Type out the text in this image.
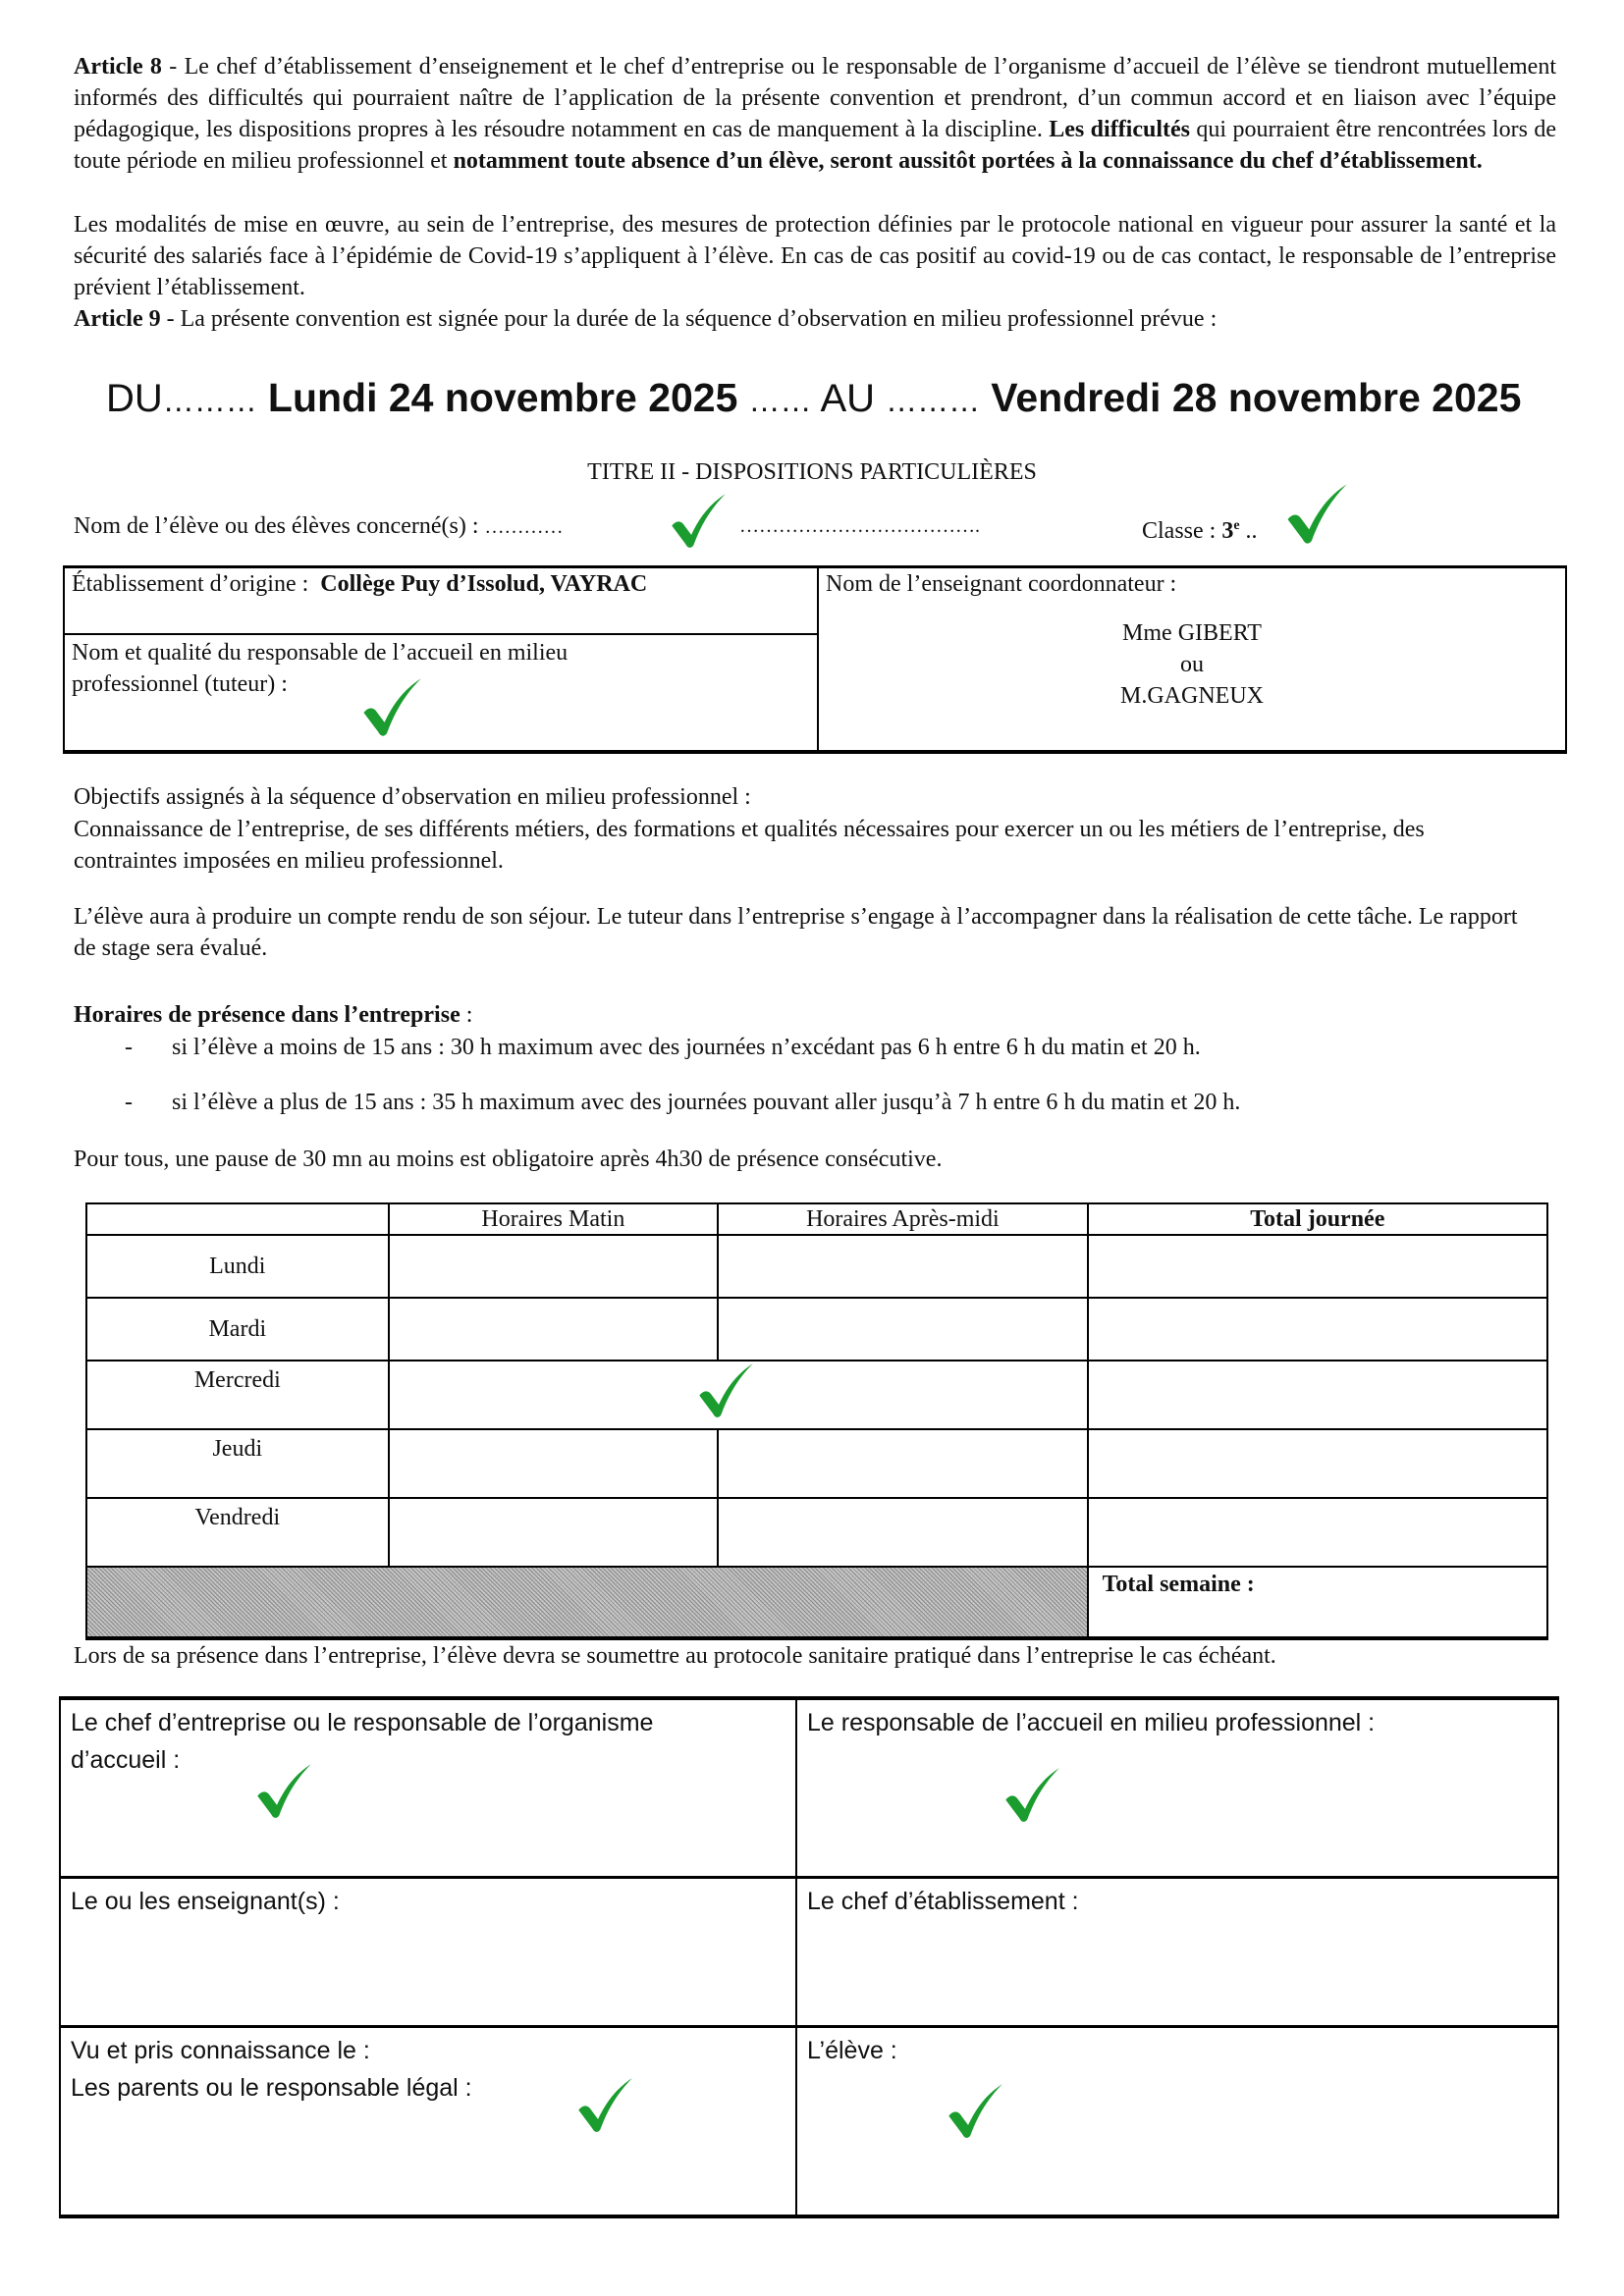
Article 8 - Le chef d’établissement d’enseignement et le chef d’entreprise ou le responsable de l’organisme d’accueil de l’élève se tiendront mutuellement informés des difficultés qui pourraient naître de l’application de la présente convention et prendront, d’un commun accord et en liaison avec l’équipe pédagogique, les dispositions propres à les résoudre notamment en cas de manquement à la discipline. Les difficultés qui pourraient être rencontrées lors de toute période en milieu professionnel et notamment toute absence d’un élève, seront aussitôt portées à la connaissance du chef d’établissement.
Les modalités de mise en œuvre, au sein de l’entreprise, des mesures de protection définies par le protocole national en vigueur pour assurer la santé et la sécurité des salariés face à l’épidémie de Covid-19 s’appliquent à l’élève. En cas de cas positif au covid-19 ou de cas contact, le responsable de l’entreprise prévient l’établissement.
Article 9 - La présente convention est signée pour la durée de la séquence d’observation en milieu professionnel prévue :
DU……… Lundi 24 novembre 2025 …… AU ……… Vendredi 28 novembre 2025
TITRE II - DISPOSITIONS PARTICULIÈRES
Nom de l’élève ou des élèves concerné(s) : …………	……………………………….	Classe : 3e ..
Établissement d’origine : Collège Puy d’Issolud, VAYRAC
Nom et qualité du responsable de l’accueil en milieu
professionnel (tuteur) :
Nom de l’enseignant coordonnateur :
Mme GIBERT
ou
M.GAGNEUX
Objectifs assignés à la séquence d’observation en milieu professionnel :
Connaissance de l’entreprise, de ses différents métiers, des formations et qualités nécessaires pour exercer un ou les métiers de l’entreprise, des contraintes imposées en milieu professionnel.
L’élève aura à produire un compte rendu de son séjour. Le tuteur dans l’entreprise s’engage à l’accompagner dans la réalisation de cette tâche. Le rapport de stage sera évalué.
Horaires de présence dans l’entreprise :
- si l’élève a moins de 15 ans : 30 h maximum avec des journées n’excédant pas 6 h entre 6 h du matin et 20 h.
- si l’élève a plus de 15 ans : 35 h maximum avec des journées pouvant aller jusqu’à 7 h entre 6 h du matin et 20 h.
Pour tous, une pause de 30 mn au moins est obligatoire après 4h30 de présence consécutive.
	Horaires Matin	Horaires Après-midi	Total journée
Lundi			
Mardi			
Mercredi			
Jeudi			
Vendredi			
			Total semaine :
Lors de sa présence dans l’entreprise, l’élève devra se soumettre au protocole sanitaire pratiqué dans l’entreprise le cas échéant.
Le chef d’entreprise ou le responsable de l’organisme
d’accueil :	Le responsable de l’accueil en milieu professionnel :

Le ou les enseignant(s) :	Le chef d’établissement :

Vu et pris connaissance le :
Les parents ou le responsable légal :	L’élève :
